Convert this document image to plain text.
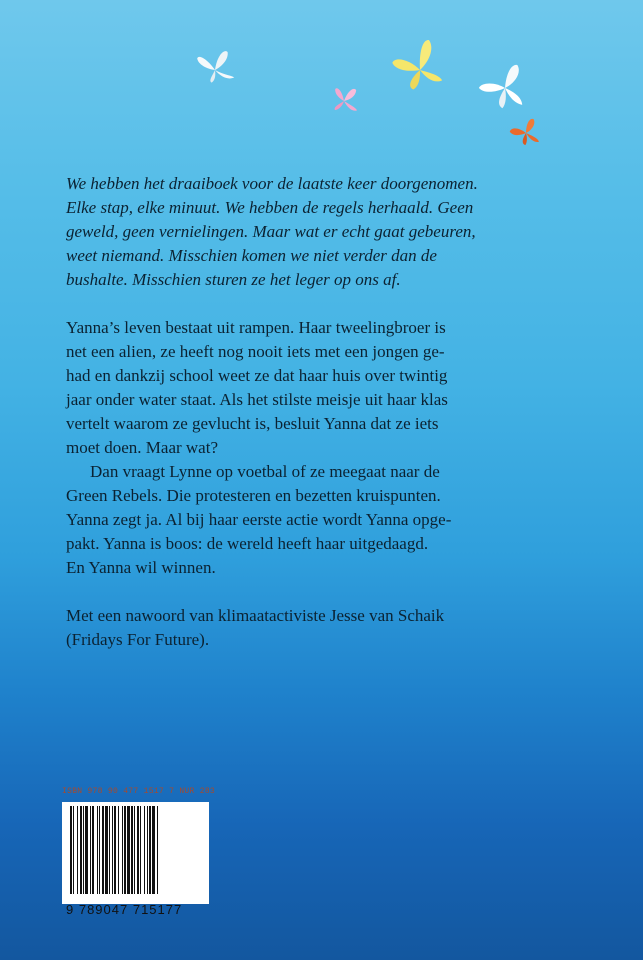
We hebben het draaiboek voor de laatste keer doorgenomen.
Elke stap, elke minuut. We hebben de regels herhaald. Geen
geweld, geen vernielingen. Maar wat er echt gaat gebeuren,
weet niemand. Misschien komen we niet verder dan de
bushalte. Misschien sturen ze het leger op ons af.

Yanna’s leven bestaat uit rampen. Haar tweelingbroer is
net een alien, ze heeft nog nooit iets met een jongen ge-
had en dankzij school weet ze dat haar huis over twintig
jaar onder water staat. Als het stilste meisje uit haar klas
vertelt waarom ze gevlucht is, besluit Yanna dat ze iets
moet doen. Maar wat?

Dan vraagt Lynne op voetbal of ze meegaat naar de
Green Rebels. Die protesteren en bezetten kruispunten.
Yanna zegt ja. Al bij haar eerste actie wordt Yanna opge-
pakt. Yanna is boos: de wereld heeft haar uitgedaagd.
En Yanna wil winnen.

Met een nawoord van klimaatactiviste Jesse van Schaik
(Fridays For Future).

ISBN 978 90 477 1517 7 NUR 283
9 789047 715177
